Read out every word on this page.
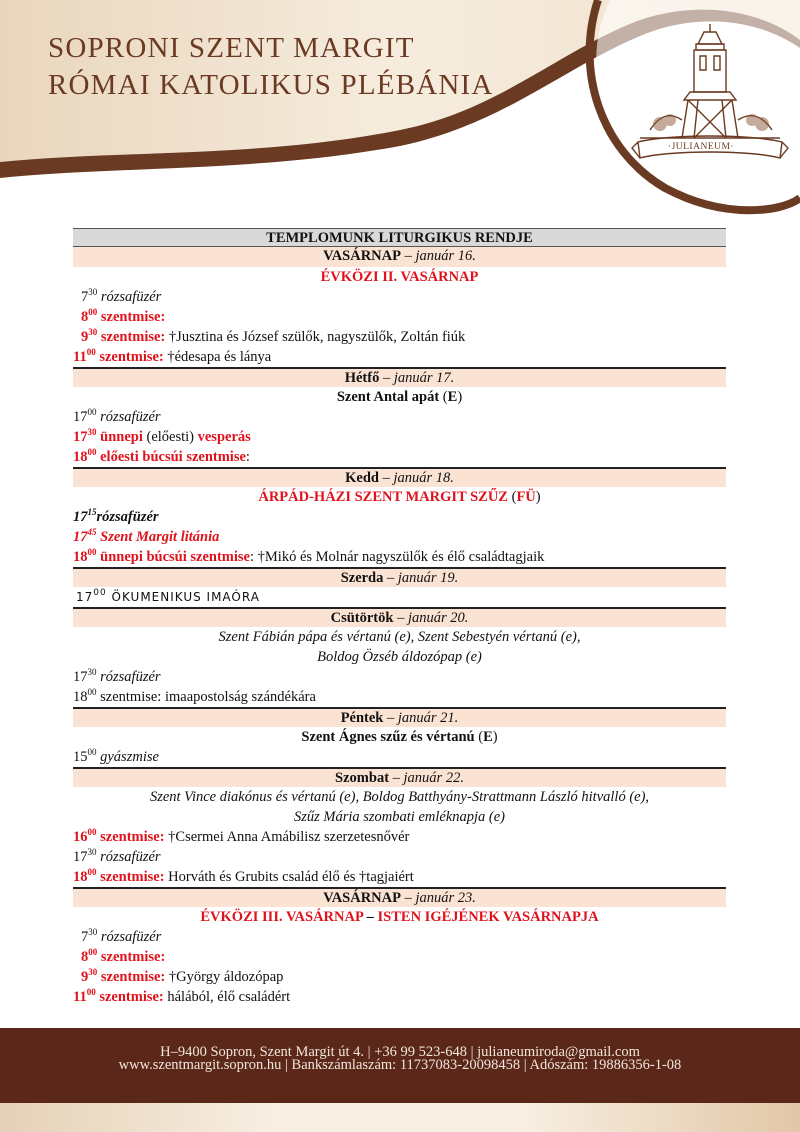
SOPRONI SZENT MARGIT
RÓMAI KATOLIKUS PLÉBÁNIA
·JULIANEUM·
TEMPLOMUNK LITURGIKUS RENDJE
VASÁRNAP – január 16.
ÉVKÖZI II. VASÁRNAP
$7^{30}$ rózsafüzér
$8^{00}$ szentmise:
$9^{30}$ szentmise: †Jusztina és József szülők, nagyszülők, Zoltán fiúk
$11^{00}$ szentmise: †édesapa és lánya
Hétfő – január 17.
Szent Antal apát (E)
$17^{00}$ rózsafüzér
$17^{30}$ ünnepi (előesti) vesperás
$18^{00}$ előesti búcsúi szentmise:
Kedd – január 18.
ÁRPÁD-HÁZI SZENT MARGIT SZŰZ (FÜ)
$17^{15}rózsafüzér$
$17^{45}$ Szent Margit litánia
$18^{00}$ ünnepi búcsúi szentmise: †Mikó és Molnár nagyszülők és élő családtagjaik
Szerda – január 19.
$17^{00}$ ÖKUMENIKUS IMAÓRA
Csütörtök – január 20.
Szent Fábián pápa és vértanú (e), Szent Sebestyén vértanú (e),
Boldog Özséb áldozópap (e)
$17^{30}$ rózsafüzér
$18^{00}$ szentmise: imaapostolság szándékára
Péntek – január 21.
Szent Ágnes szűz és vértanú (E)
$15^{00}$ gyászmise
Szombat – január 22.
Szent Vince diakónus és vértanú (e), Boldog Batthyány-Strattmann László hitvalló (e),
Szűz Mária szombati emléknapja (e)
$16^{00}$ szentmise: †Csermei Anna Amábilisz szerzetesnővér
$17^{30}$ rózsafüzér
$18^{00}$ szentmise: Horváth és Grubits család élő és †tagjaiért
VASÁRNAP – január 23.
ÉVKÖZI III. VASÁRNAP – ISTEN IGÉJÉNEK VASÁRNAPJA
$7^{30}$ rózsafüzér
$8^{00}$ szentmise:
$9^{30}$ szentmise: †György áldozópap
$11^{00}$ szentmise: hálából, élő családért
H–9400 Sopron, Szent Margit út 4. | +36 99 523-648 | julianeumiroda@gmail.com
www.szentmargit.sopron.hu | Bankszámlaszám: 11737083-20098458 | Adószám: 19886356-1-08
